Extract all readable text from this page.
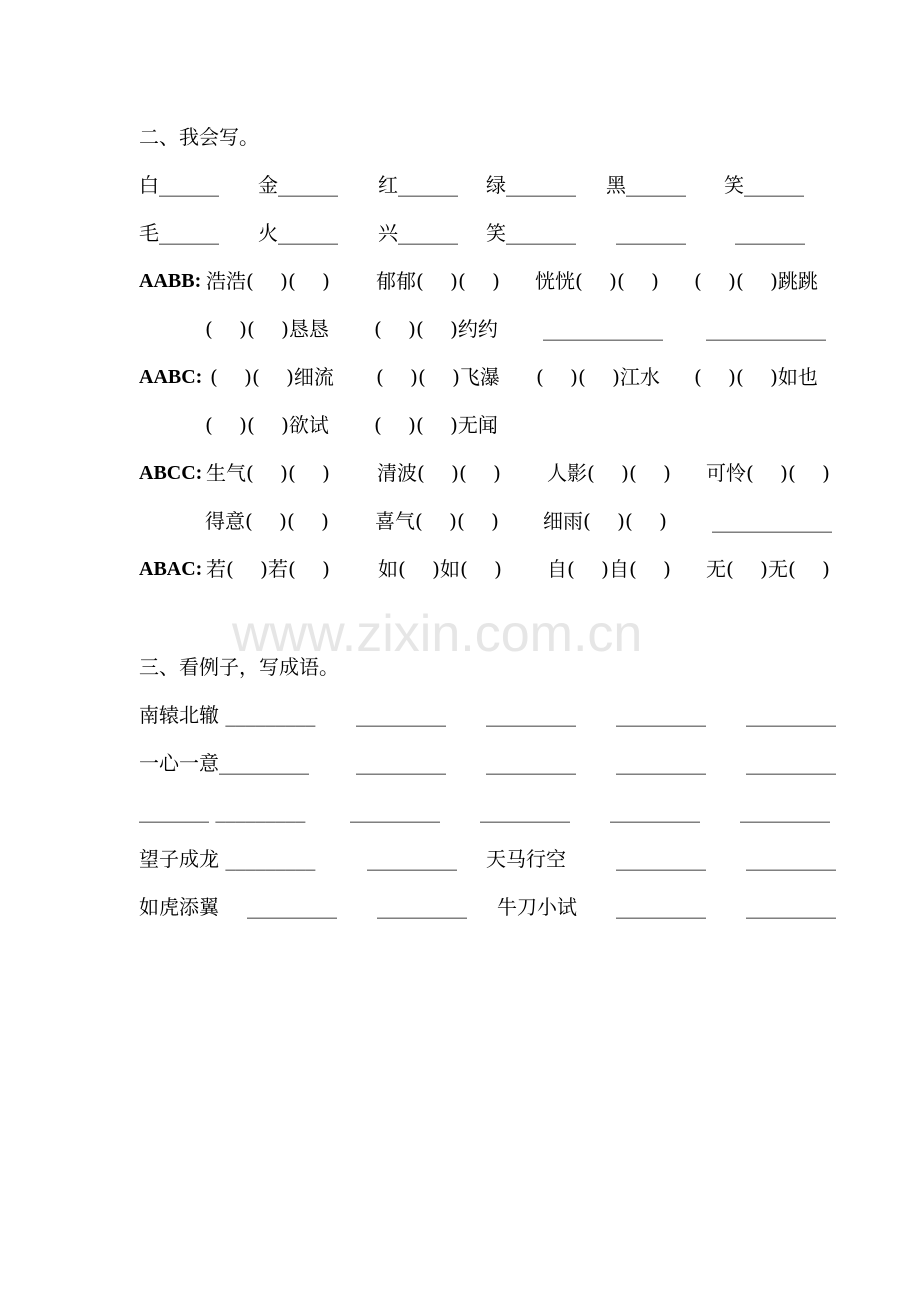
二、我会写。
白______ 金______ 红______ 绿_______ 黑______ 笑______
毛______ 火______ 兴______ 笑_______ _______ _______
AABB: 浩浩(　 )(　 ) 郁郁(　 )(　 ) 恍恍(　 )(　 ) (　 )(　 )跳跳
(　 )(　 )恳恳 (　 )(　 )约约 ____________ ____________
AABC: (　 )(　 )细流 (　 )(　 )飞瀑 (　 )(　 )江水 (　 )(　 )如也
(　 )(　 )欲试 (　 )(　 )无闻
ABCC: 生气(　 )(　 ) 清波(　 )(　 ) 人影(　 )(　 ) 可怜(　 )(　 )
得意(　 )(　 ) 喜气(　 )(　 ) 细雨(　 )(　 ) ____________
ABAC: 若(　 )若(　 ) 如(　 )如(　 ) 自(　 )自(　 ) 无(　 )无(　 )
www.zixin.com.cn
三、看例子，写成语。
南辕北辙 _________ _________ _________ _________ _________
一心一意_________ _________ _________ _________ _________
_______ _________ _________ _________ _________ _________
望子成龙 _________	_________ 天马行空	_________ _________
如虎添翼 _________ _________ 牛刀小试 _________ _________
